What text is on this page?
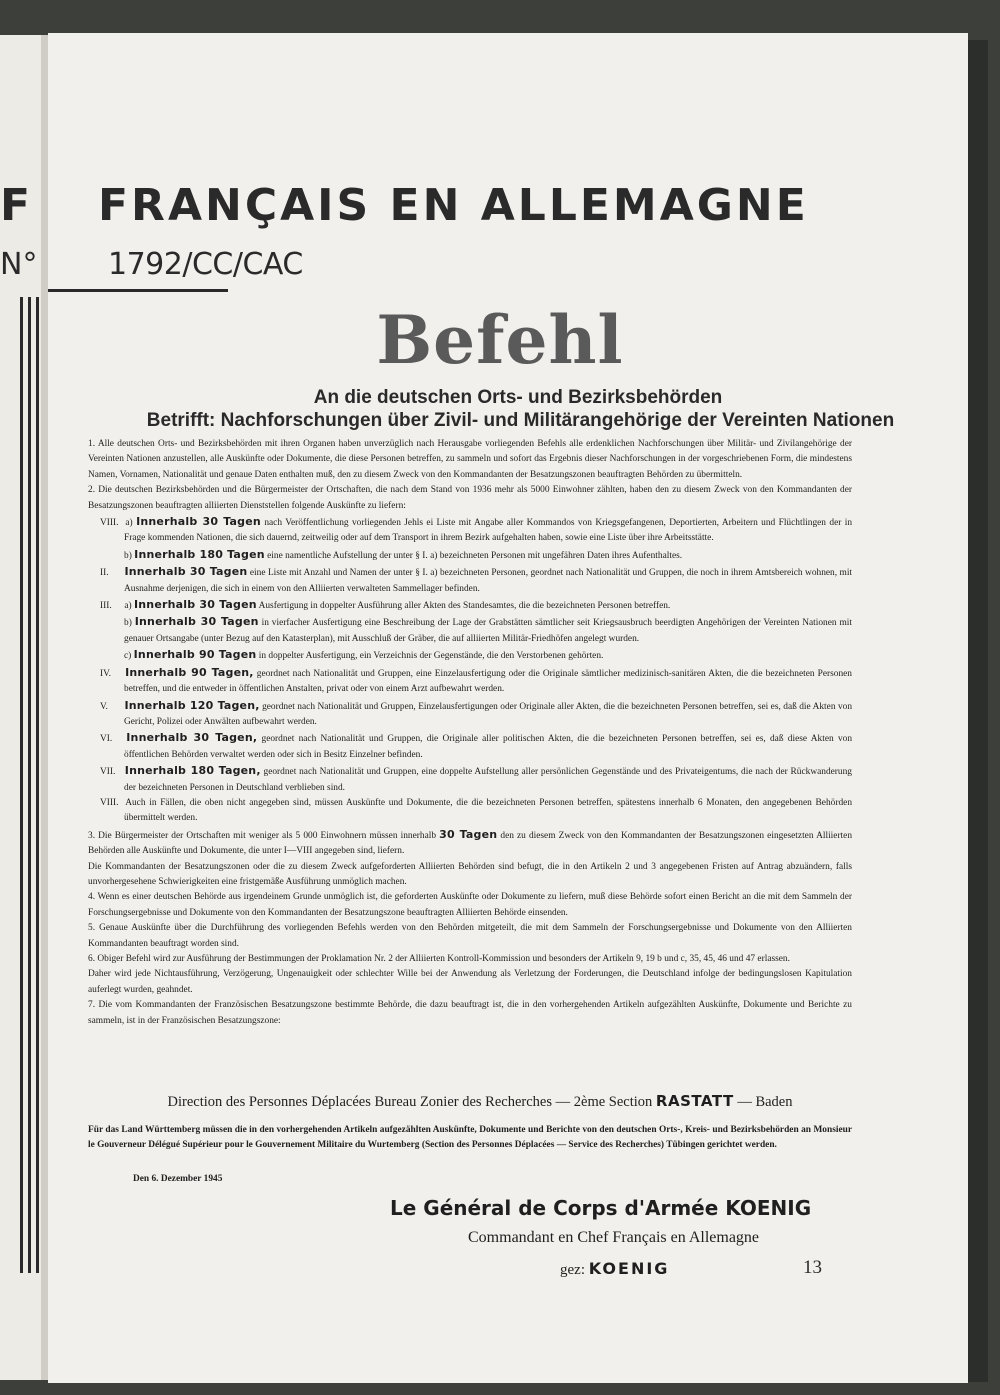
F FRANÇAIS EN ALLEMAGNE
N° 1792/CC/CAC
Befehl
An die deutschen Orts- und Bezirksbehörden
Betrifft: Nachforschungen über Zivil- und Militärangehörige der Vereinten Nationen

1. Alle deutschen Orts- und Bezirksbehörden mit ihren Organen haben unverzüglich nach Herausgabe vorliegenden Befehls alle erdenklichen Nachforschungen über Militär- und Zivilangehörige der Vereinten Nationen anzustellen, alle Auskünfte oder Dokumente, die diese Personen betreffen, zu sammeln und sofort das Ergebnis dieser Nachforschungen in der vorgeschriebenen Form, die mindestens Namen, Vornamen, Nationalität und genaue Daten enthalten muß, den zu diesem Zweck von den Kommandanten der Besatzungszonen beauftragten Behörden zu übermitteln.

2. Die deutschen Bezirksbehörden und die Bürgermeister der Ortschaften, die nach dem Stand von 1936 mehr als 5000 Einwohner zählten, haben den zu diesem Zweck von den Kommandanten der Besatzungszonen beauftragten alliierten Dienststellen folgende Auskünfte zu liefern:

VIII. a) Innerhalb 30 Tagen nach Veröffentlichung vorliegenden Jehls ei Liste mit Angabe aller Kommandos von Kriegsgefangenen, Deportierten, Arbeitern und Flüchtlingen der in Frage kommenden Nationen, die sich dauernd, zeitweilig oder auf dem Transport in ihrem Bezirk aufgehalten haben, sowie eine Liste über ihre Arbeitsstätte.

b) Innerhalb 180 Tagen eine namentliche Aufstellung der unter § I. a) bezeichneten Personen mit ungefähren Daten ihres Aufenthaltes.

II. Innerhalb 30 Tagen eine Liste mit Anzahl und Namen der unter § I. a) bezeichneten Personen, geordnet nach Nationalität und Gruppen, die noch in ihrem Amtsbereich wohnen, mit Ausnahme derjenigen, die sich in einem von den Alliierten verwalteten Sammellager befinden.

III. a) Innerhalb 30 Tagen Ausfertigung in doppelter Ausführung aller Akten des Standesamtes, die die bezeichneten Personen betreffen.

b) Innerhalb 30 Tagen in vierfacher Ausfertigung eine Beschreibung der Lage der Grabstätten sämtlicher seit Kriegsausbruch beerdigten Angehörigen der Vereinten Nationen mit genauer Ortsangabe (unter Bezug auf den Katasterplan), mit Ausschluß der Gräber, die auf alliierten Militär-Friedhöfen angelegt wurden.

c) Innerhalb 90 Tagen in doppelter Ausfertigung, ein Verzeichnis der Gegenstände, die den Verstorbenen gehörten.

IV. Innerhalb 90 Tagen, geordnet nach Nationalität und Gruppen, eine Einzelausfertigung oder die Originale sämtlicher medizinisch-sanitären Akten, die die bezeichneten Personen betreffen, und die entweder in öffentlichen Anstalten, privat oder von einem Arzt aufbewahrt werden.

V. Innerhalb 120 Tagen, geordnet nach Nationalität und Gruppen, Einzelausfertigungen oder Originale aller Akten, die die bezeichneten Personen betreffen, sei es, daß die Akten von Gericht, Polizei oder Anwälten aufbewahrt werden.

VI. Innerhalb 30 Tagen, geordnet nach Nationalität und Gruppen, die Originale aller politischen Akten, die die bezeichneten Personen betreffen, sei es, daß diese Akten von öffentlichen Behörden verwaltet werden oder sich in Besitz Einzelner befinden.

VII. Innerhalb 180 Tagen, geordnet nach Nationalität und Gruppen, eine doppelte Aufstellung aller persönlichen Gegenstände und des Privateigentums, die nach der Rückwanderung der bezeichneten Personen in Deutschland verblieben sind.

VIII. Auch in Fällen, die oben nicht angegeben sind, müssen Auskünfte und Dokumente, die die bezeichneten Personen betreffen, spätestens innerhalb 6 Monaten, den angegebenen Behörden übermittelt werden.

3. Die Bürgermeister der Ortschaften mit weniger als 5 000 Einwohnern müssen innerhalb 30 Tagen den zu diesem Zweck von den Kommandanten der Besatzungszonen eingesetzten Alliierten Behörden alle Auskünfte und Dokumente, die unter I—VIII angegeben sind, liefern.

Die Kommandanten der Besatzungszonen oder die zu diesem Zweck aufgeforderten Alliierten Behörden sind befugt, die in den Artikeln 2 und 3 angegebenen Fristen auf Antrag abzuändern, falls unvorhergesehene Schwierigkeiten eine fristgemäße Ausführung unmöglich machen.

4. Wenn es einer deutschen Behörde aus irgendeinem Grunde unmöglich ist, die geforderten Auskünfte oder Dokumente zu liefern, muß diese Behörde sofort einen Bericht an die mit dem Sammeln der Forschungsergebnisse und Dokumente von den Kommandanten der Besatzungszone beauftragten Alliierten Behörde einsenden.

5. Genaue Auskünfte über die Durchführung des vorliegenden Befehls werden von den Behörden mitgeteilt, die mit dem Sammeln der Forschungsergebnisse und Dokumente von den Alliierten Kommandanten beauftragt worden sind.

6. Obiger Befehl wird zur Ausführung der Bestimmungen der Proklamation Nr. 2 der Alliierten Kontroll-Kommission und besonders der Artikeln 9, 19 b und c, 35, 45, 46 und 47 erlassen.

Daher wird jede Nichtausführung, Verzögerung, Ungenauigkeit oder schlechter Wille bei der Anwendung als Verletzung der Forderungen, die Deutschland infolge der bedingungslosen Kapitulation auferlegt wurden, geahndet.

7. Die vom Kommandanten der Französischen Besatzungszone bestimmte Behörde, die dazu beauftragt ist, die in den vorhergehenden Artikeln aufgezählten Auskünfte, Dokumente und Berichte zu sammeln, ist in der Französischen Besatzungszone:

Direction des Personnes Déplacées Bureau Zonier des Recherches — 2ème Section RASTATT — Baden
Für das Land Württemberg müssen die in den vorhergehenden Artikeln aufgezählten Auskünfte, Dokumente und Berichte von den deutschen Orts-, Kreis- und Bezirksbehörden an Monsieur le Gouverneur Délégué Supérieur pour le Gouvernement Militaire du Wurtemberg (Section des Personnes Déplacées — Service des Recherches) Tübingen gerichtet werden.
Den 6. Dezember 1945
Le Général de Corps d'Armée KOENIG
Commandant en Chef Français en Allemagne
gez: KOENIG	13
